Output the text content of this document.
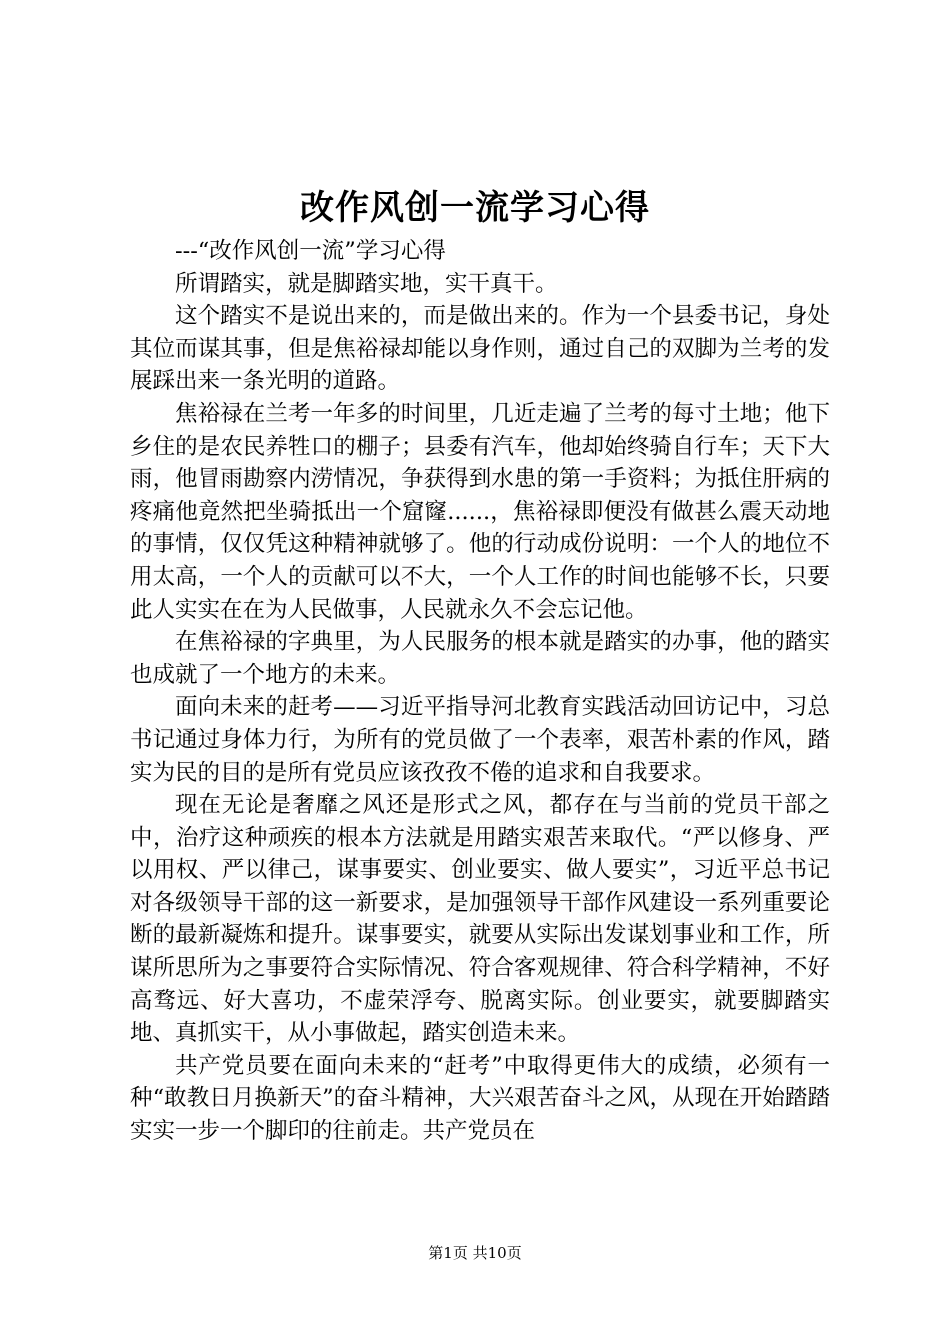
改作风创一流学习心得

---“改作风创一流”学习心得

所谓踏实，就是脚踏实地，实干真干。

这个踏实不是说出来的，而是做出来的。作为一个县委书记，身处其位而谋其事，但是焦裕禄却能以身作则，通过自己的双脚为兰考的发展踩出来一条光明的道路。

焦裕禄在兰考一年多的时间里，几近走遍了兰考的每寸土地；他下乡住的是农民养牲口的棚子；县委有汽车，他却始终骑自行车；天下大雨，他冒雨勘察内涝情况，争获得到水患的第一手资料；为抵住肝病的疼痛他竟然把坐骑抵出一个窟窿......，焦裕禄即便没有做甚么震天动地的事情，仅仅凭这种精神就够了。他的行动成份说明：一个人的地位不用太高，一个人的贡献可以不大，一个人工作的时间也能够不长，只要此人实实在在为人民做事，人民就永久不会忘记他。

在焦裕禄的字典里，为人民服务的根本就是踏实的办事，他的踏实也成就了一个地方的未来。

面向未来的赶考——习近平指导河北教育实践活动回访记中，习总书记通过身体力行，为所有的党员做了一个表率，艰苦朴素的作风，踏实为民的目的是所有党员应该孜孜不倦的追求和自我要求。

现在无论是奢靡之风还是形式之风，都存在与当前的党员干部之中，治疗这种顽疾的根本方法就是用踏实艰苦来取代。“严以修身、严以用权、严以律己，谋事要实、创业要实、做人要实”，习近平总书记对各级领导干部的这一新要求，是加强领导干部作风建设一系列重要论断的最新凝炼和提升。谋事要实，就要从实际出发谋划事业和工作，所谋所思所为之事要符合实际情况、符合客观规律、符合科学精神，不好高骛远、好大喜功，不虚荣浮夸、脱离实际。创业要实，就要脚踏实地、真抓实干，从小事做起，踏实创造未来。

共产党员要在面向未来的“赶考”中取得更伟大的成绩，必须有一种“敢教日月换新天”的奋斗精神，大兴艰苦奋斗之风，从现在开始踏踏实实一步一个脚印的往前走。共产党员在

第1页 共10页
